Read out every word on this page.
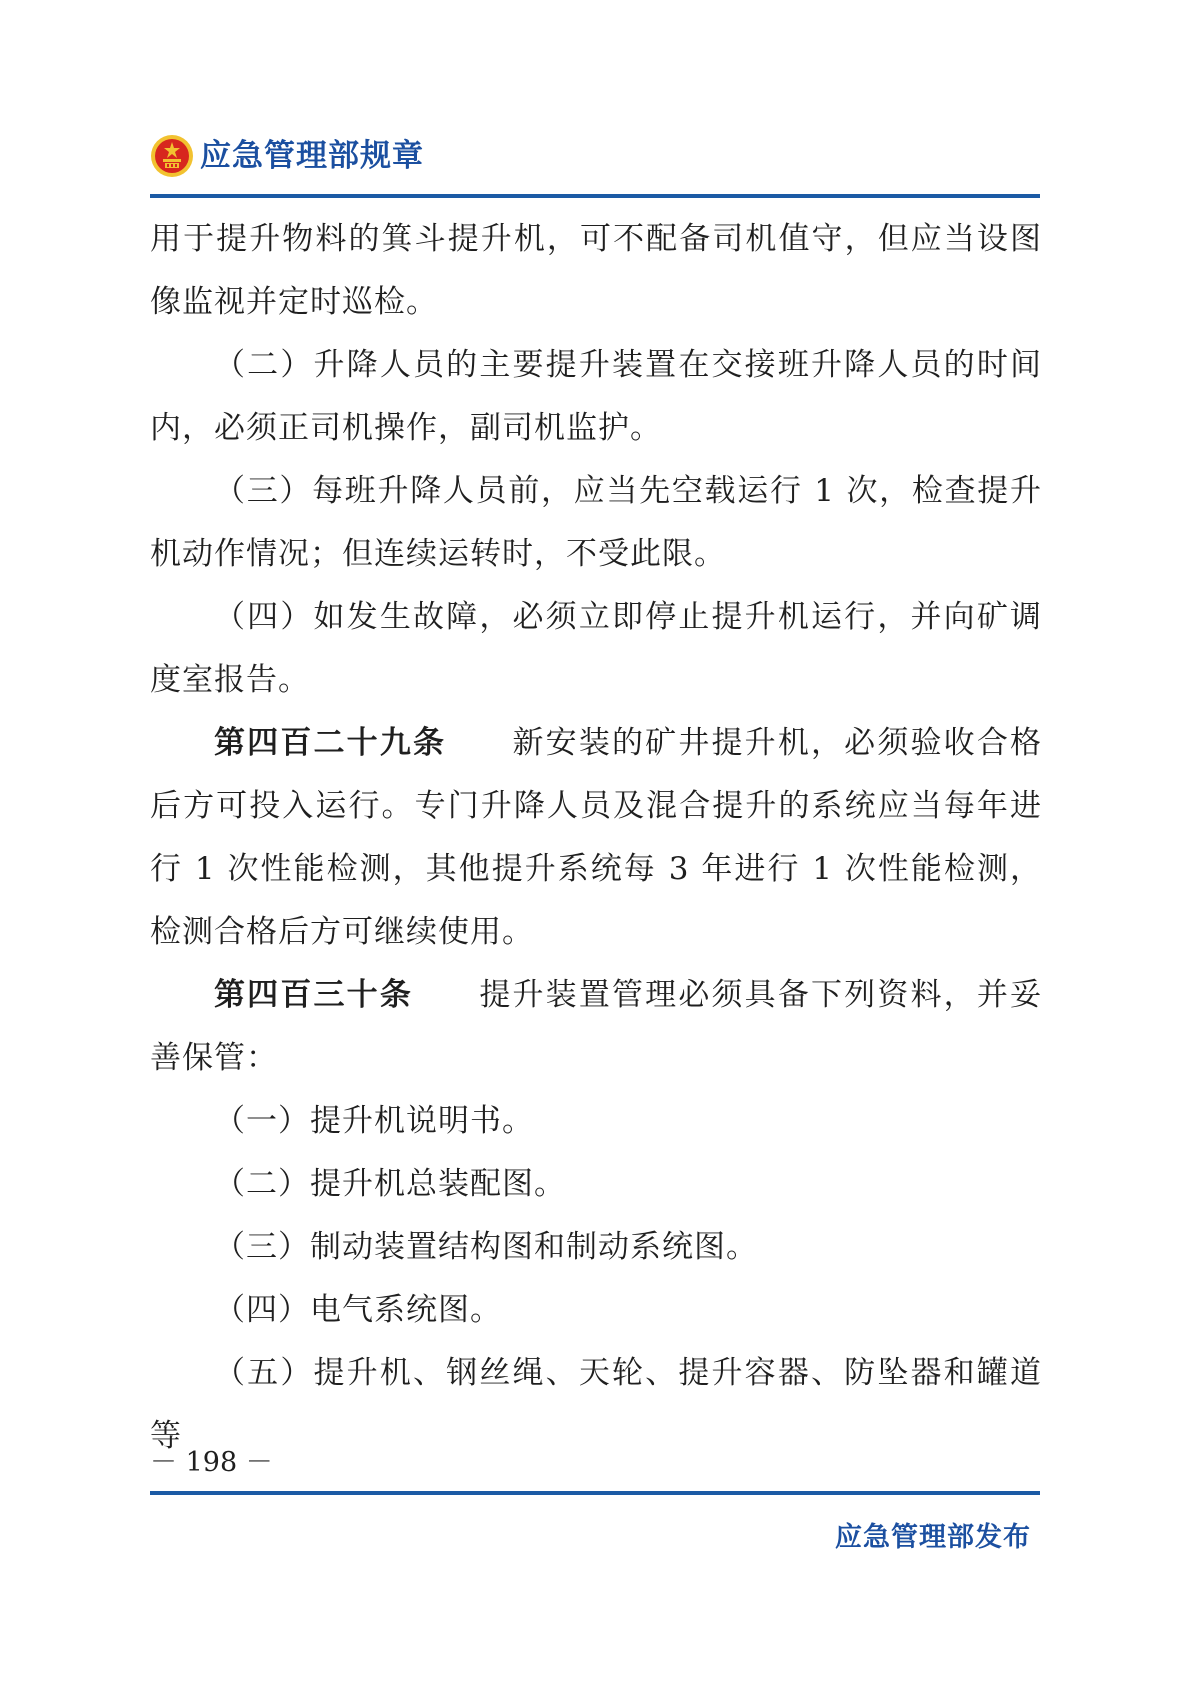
应急管理部规章

用于提升物料的箕斗提升机，可不配备司机值守，但应当设图像监视并定时巡检。

（二）升降人员的主要提升装置在交接班升降人员的时间内，必须正司机操作，副司机监护。

（三）每班升降人员前，应当先空载运行 1 次，检查提升机动作情况；但连续运转时，不受此限。

（四）如发生故障，必须立即停止提升机运行，并向矿调度室报告。

第四百二十九条　　 新安装的矿井提升机，必须验收合格后方可投入运行。专门升降人员及混合提升的系统应当每年进行 1 次性能检测，其他提升系统每 3 年进行 1 次性能检测，检测合格后方可继续使用。

第四百三十条　　 提升装置管理必须具备下列资料，并妥善保管：

（一）提升机说明书。

（二）提升机总装配图。

（三）制动装置结构图和制动系统图。

（四）电气系统图。

（五）提升机、钢丝绳、天轮、提升容器、防坠器和罐道等

－ 198 －
应急管理部发布
